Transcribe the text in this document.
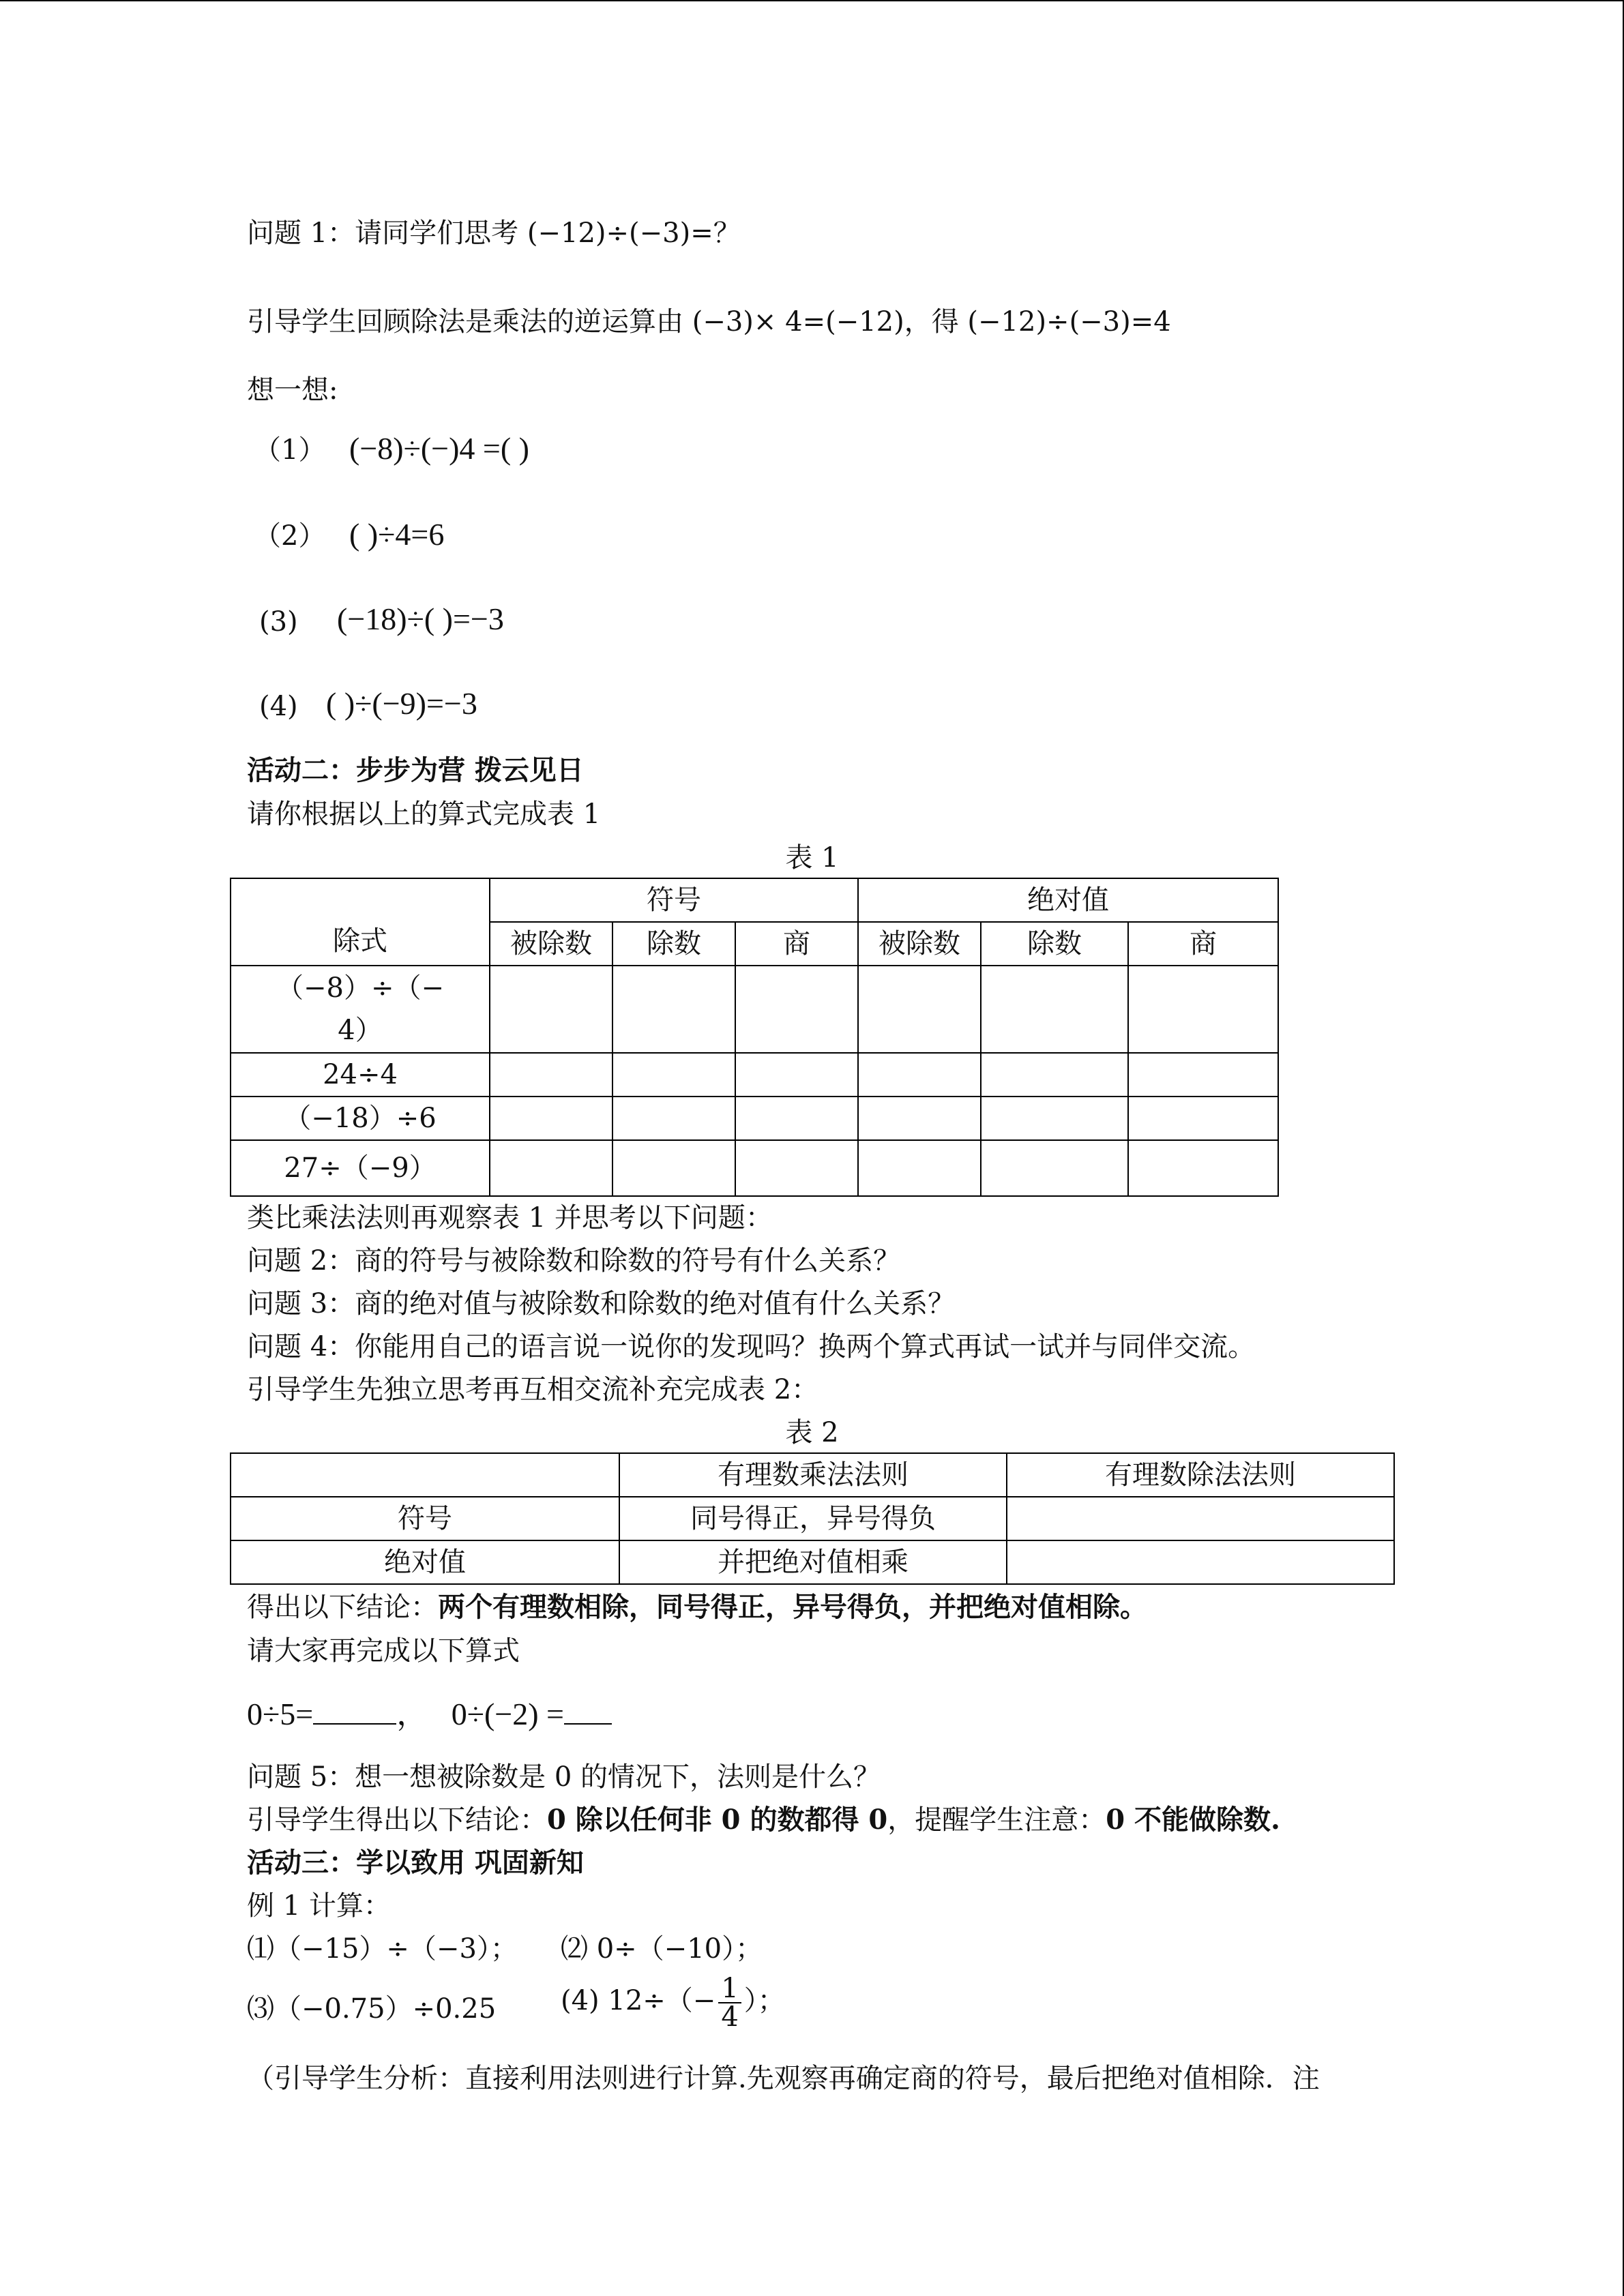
问题 1：请同学们思考 (−12)÷(−3)=？
引导学生回顾除法是乘法的逆运算由 (−3)× 4=(−12)，得 (−12)÷(−3)=4
想一想:
（1） (−8)÷(−)4 =( )
（2） ( )÷4=6
(3) (−18)÷( )=−3
(4) ( )÷(−9)=−3
活动二：步步为营 拨云见日
请你根据以上的算式完成表 1
表 1
除式	符号			绝对值		
	被除数	除数	商	被除数	除数	商
（−8）÷（−
4）						
24÷4						
（−18）÷6						
27÷（−9）						
类比乘法法则再观察表 1 并思考以下问题：
问题 2：商的符号与被除数和除数的符号有什么关系？
问题 3：商的绝对值与被除数和除数的绝对值有什么关系？
问题 4：你能用自己的语言说一说你的发现吗？换两个算式再试一试并与同伴交流。
引导学生先独立思考再互相交流补充完成表 2：
表 2
	有理数乘法法则	有理数除法法则
符号	同号得正，异号得负	
绝对值	并把绝对值相乘	
得出以下结论：两个有理数相除，同号得正，异号得负，并把绝对值相除。
请大家再完成以下算式
0÷5=	， 0÷(−2) =
问题 5：想一想被除数是 0 的情况下，法则是什么？
引导学生得出以下结论：0 除以任何非 0 的数都得 0，提醒学生注意：0 不能做除数.
活动三：学以致用 巩固新知
例 1 计算：
⑴（−15）÷（−3）； ⑵ 0÷（−10）；
⑶（−0.75）÷0.25 (4) $12\div(- \frac{1}{4}$ ）；
（引导学生分析：直接利用法则进行计算.先观察再确定商的符号，最后把绝对值相除．注
